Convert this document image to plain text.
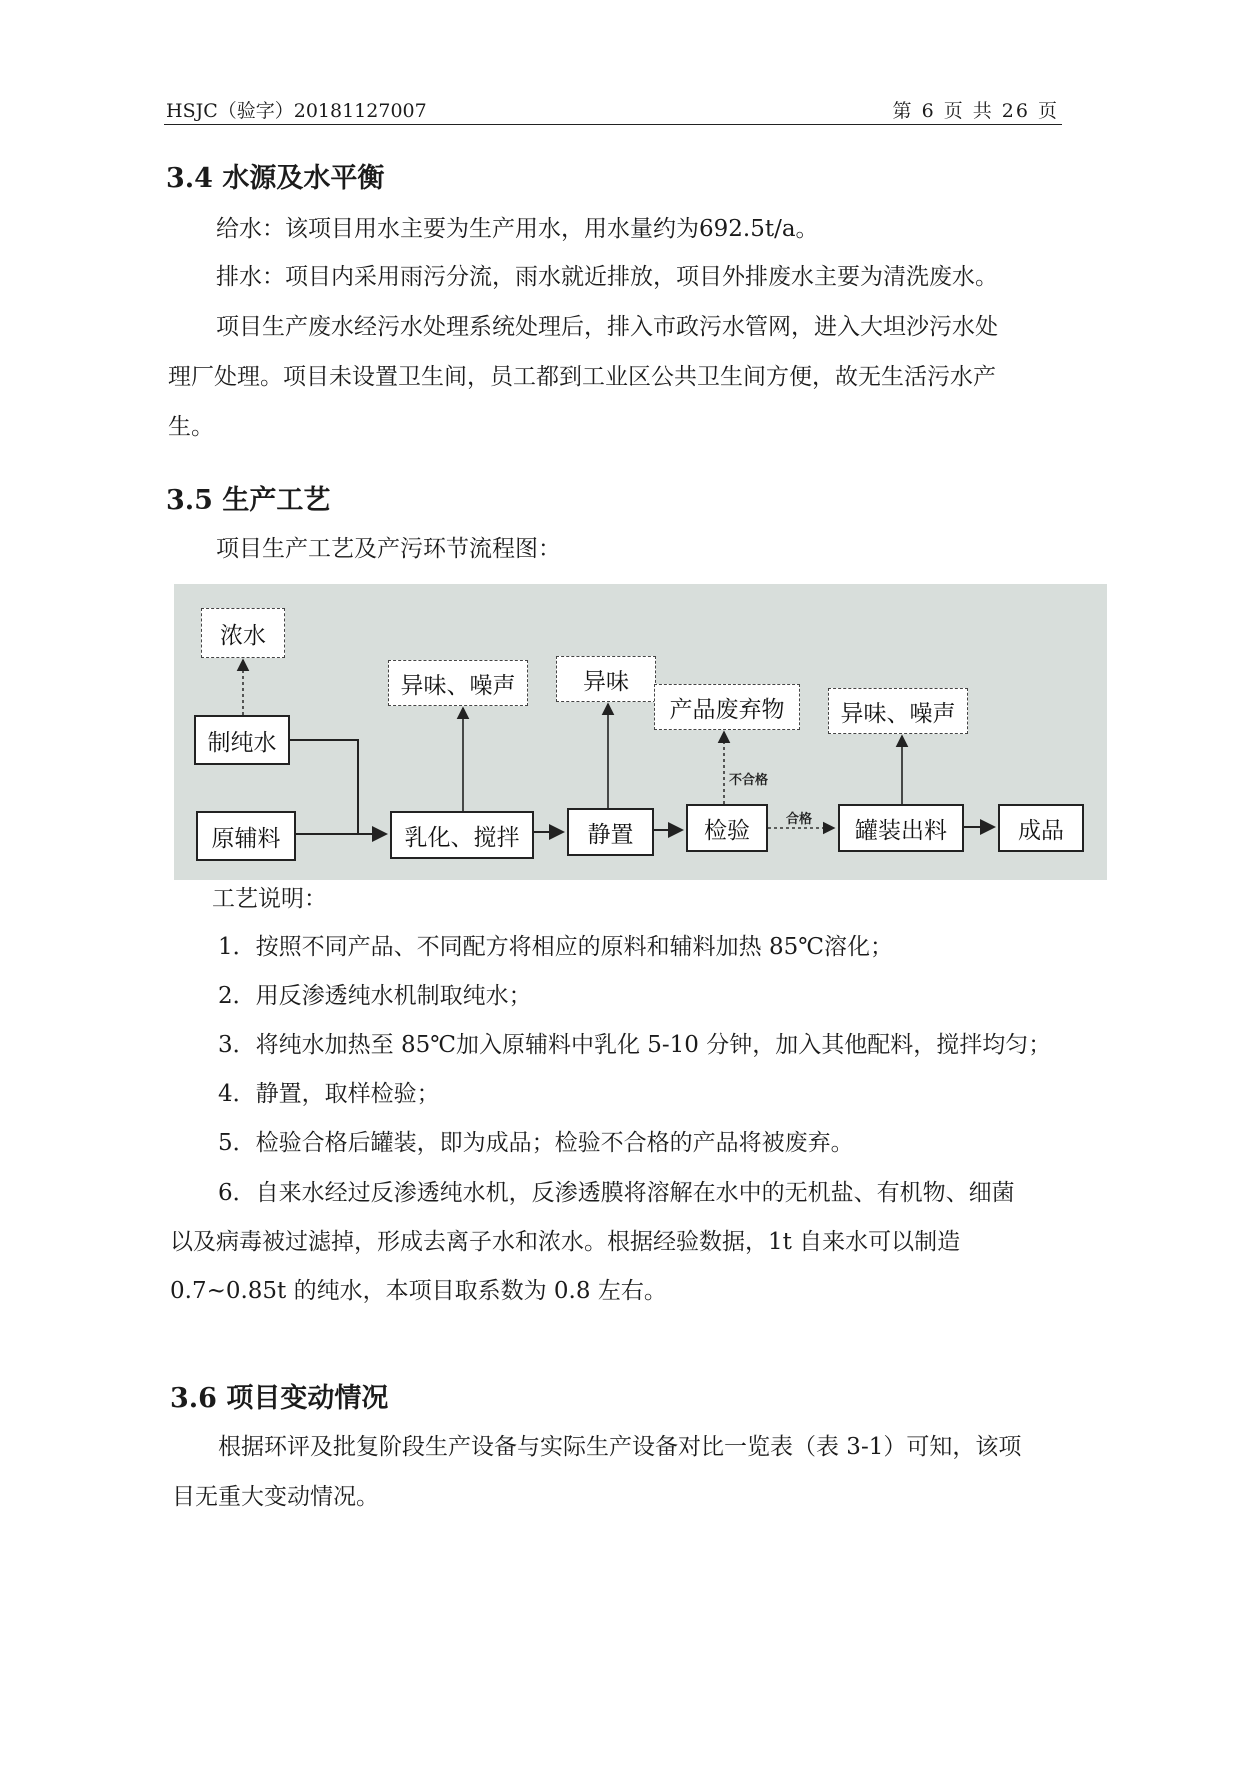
HSJC（验字）20181127007	第 6 页 共 26 页
3.4 水源及水平衡
给水：该项目用水主要为生产用水，用水量约为692.5t/a。
排水：项目内采用雨污分流，雨水就近排放，项目外排废水主要为清洗废水。
项目生产废水经污水处理系统处理后，排入市政污水管网，进入大坦沙污水处
理厂处理。项目未设置卫生间，员工都到工业区公共卫生间方便，故无生活污水产
生。
3.5 生产工艺
项目生产工艺及产污环节流程图：
浓水
制纯水
原辅料
异味、噪声
乳化、搅拌
异味
静置
产品废弃物
不合格
检验	合格
异味、噪声
罐装出料	成品
工艺说明：
1．按照不同产品、不同配方将相应的原料和辅料加热 85℃溶化；
2．用反渗透纯水机制取纯水；
3．将纯水加热至 85℃加入原辅料中乳化 5-10 分钟，加入其他配料，搅拌均匀；
4．静置，取样检验；
5．检验合格后罐装，即为成品；检验不合格的产品将被废弃。
6．自来水经过反渗透纯水机，反渗透膜将溶解在水中的无机盐、有机物、细菌
以及病毒被过滤掉，形成去离子水和浓水。根据经验数据，1t 自来水可以制造
0.7~0.85t 的纯水，本项目取系数为 0.8 左右。
3.6 项目变动情况
根据环评及批复阶段生产设备与实际生产设备对比一览表（表 3-1）可知，该项
目无重大变动情况。
